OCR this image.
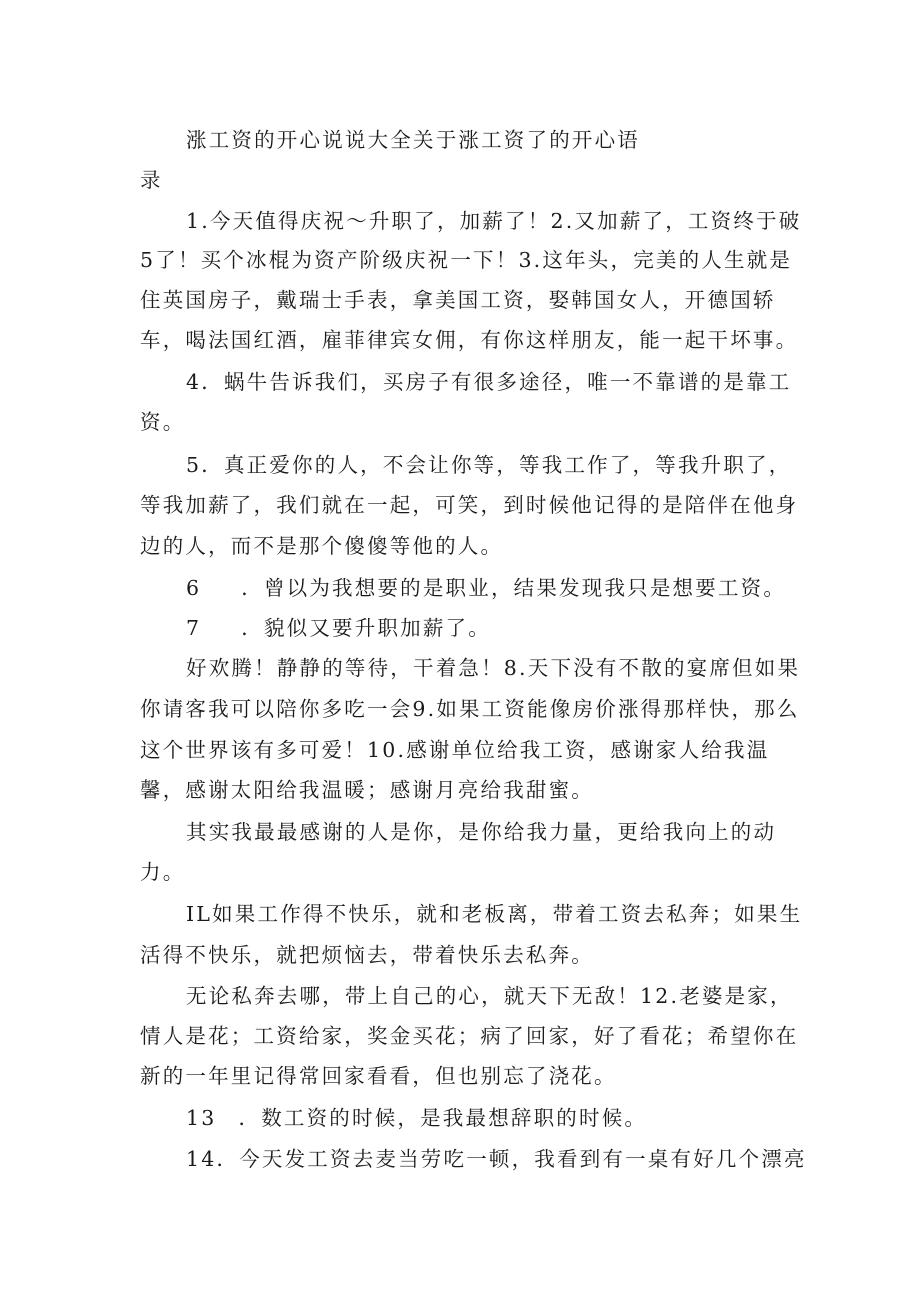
涨工资的开心说说大全关于涨工资了的开心语
录
1.今天值得庆祝～升职了，加薪了！2.又加薪了，工资终于破
5了！买个冰棍为资产阶级庆祝一下！3.这年头，完美的人生就是
住英国房子，戴瑞士手表，拿美国工资，娶韩国女人，开德国轿
车，喝法国红酒，雇菲律宾女佣，有你这样朋友，能一起干坏事。
4．蜗牛告诉我们，买房子有很多途径，唯一不靠谱的是靠工
资。
5．真正爱你的人，不会让你等，等我工作了，等我升职了，
等我加薪了，我们就在一起，可笑，到时候他记得的是陪伴在他身
边的人，而不是那个傻傻等他的人。
6 ．曾以为我想要的是职业，结果发现我只是想要工资。
7 ．貌似又要升职加薪了。
好欢腾！静静的等待，干着急！8.天下没有不散的宴席但如果
你请客我可以陪你多吃一会9.如果工资能像房价涨得那样快，那么
这个世界该有多可爱！10.感谢单位给我工资，感谢家人给我温
馨，感谢太阳给我温暖；感谢月亮给我甜蜜。
其实我最最感谢的人是你，是你给我力量，更给我向上的动
力。
IL如果工作得不快乐，就和老板离，带着工资去私奔；如果生
活得不快乐，就把烦恼去，带着快乐去私奔。
无论私奔去哪，带上自己的心，就天下无敌！12.老婆是家，
情人是花；工资给家，奖金买花；病了回家，好了看花；希望你在
新的一年里记得常回家看看，但也别忘了浇花。
13 ．数工资的时候，是我最想辞职的时候。
14．今天发工资去麦当劳吃一顿，我看到有一桌有好几个漂亮
